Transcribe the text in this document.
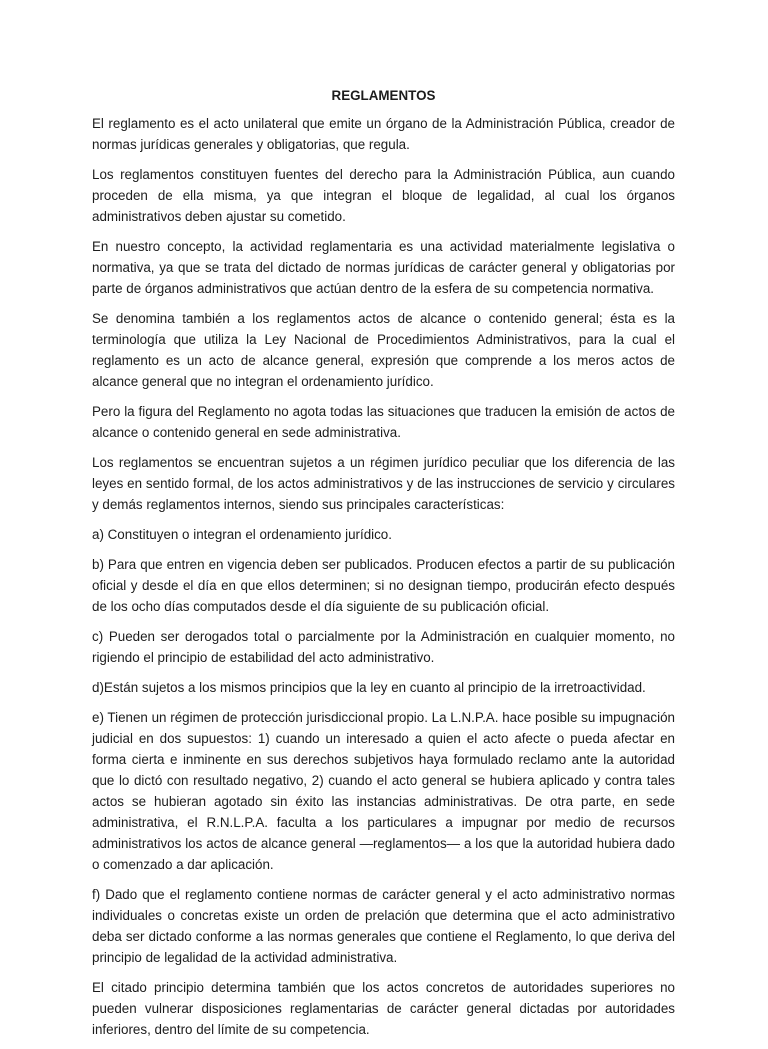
REGLAMENTOS

El reglamento es el acto unilateral que emite un órgano de la Administración Pública, creador de normas jurídicas generales y obligatorias, que regula.

Los reglamentos constituyen fuentes del derecho para la Administración Pública, aun cuando proceden de ella misma, ya que integran el bloque de legalidad, al cual los órganos administrativos deben ajustar su cometido.

En nuestro concepto, la actividad reglamentaria es una actividad materialmente legislativa o normativa, ya que se trata del dictado de normas jurídicas de carácter general y obligatorias por parte de órganos administrativos que actúan dentro de la esfera de su competencia normativa.

Se denomina también a los reglamentos actos de alcance o contenido general; ésta es la terminología que utiliza la Ley Nacional de Procedimientos Administrativos, para la cual el reglamento es un acto de alcance general, expresión que comprende a los meros actos de alcance general que no integran el ordenamiento jurídico.

Pero la figura del Reglamento no agota todas las situaciones que traducen la emisión de actos de alcance o contenido general en sede administrativa.

Los reglamentos se encuentran sujetos a un régimen jurídico peculiar que los diferencia de las leyes en sentido formal, de los actos administrativos y de las instrucciones de servicio y circulares y demás reglamentos internos, siendo sus principales características:

a) Constituyen o integran el ordenamiento jurídico.

b) Para que entren en vigencia deben ser publicados. Producen efectos a partir de su publicación oficial y desde el día en que ellos determinen; si no designan tiempo, producirán efecto después de los ocho días computados desde el día siguiente de su publicación oficial.

c) Pueden ser derogados total o parcialmente por la Administración en cualquier momento, no rigiendo el principio de estabilidad del acto administrativo.

d)Están sujetos a los mismos principios que la ley en cuanto al principio de la irretroactividad.

e) Tienen un régimen de protección jurisdiccional propio. La L.N.P.A. hace posible su impugnación judicial en dos supuestos: 1) cuando un interesado a quien el acto afecte o pueda afectar en forma cierta e inminente en sus derechos subjetivos haya formulado reclamo ante la autoridad que lo dictó con resultado negativo, 2) cuando el acto general se hubiera aplicado y contra tales actos se hubieran agotado sin éxito las instancias administrativas. De otra parte, en sede administrativa, el R.N.L.P.A. faculta a los particulares a impugnar por medio de recursos administrativos los actos de alcance general —reglamentos— a los que la autoridad hubiera dado o comenzado a dar aplicación.

f) Dado que el reglamento contiene normas de carácter general y el acto administrativo normas individuales o concretas existe un orden de prelación que determina que el acto administrativo deba ser dictado conforme a las normas generales que contiene el Reglamento, lo que deriva del principio de legalidad de la actividad administrativa.

El citado principio determina también que los actos concretos de autoridades superiores no pueden vulnerar disposiciones reglamentarias de carácter general dictadas por autoridades inferiores, dentro del límite de su competencia.
